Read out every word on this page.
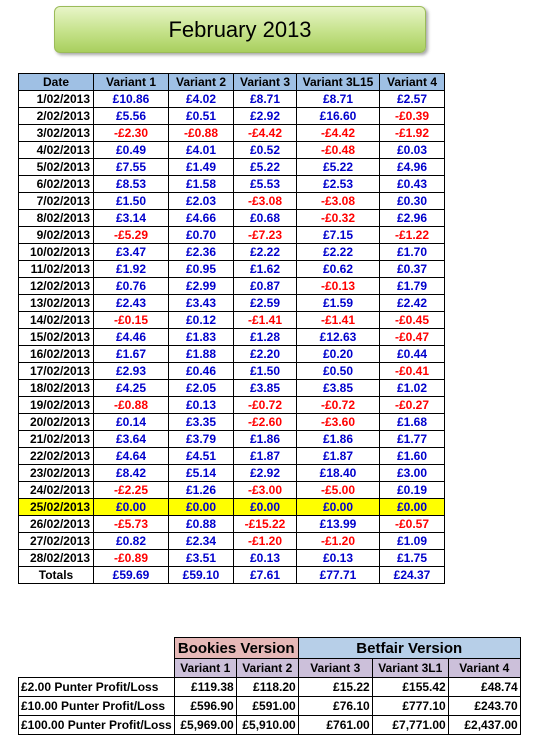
February 2013
Date	Variant 1	Variant 2	Variant 3	Variant 3L15	Variant 4
1/02/2013	£10.86	£4.02	£8.71	£8.71	£2.57
2/02/2013	£5.56	£0.51	£2.92	£16.60	-£0.39
3/02/2013	-£2.30	-£0.88	-£4.42	-£4.42	-£1.92
4/02/2013	£0.49	£4.01	£0.52	-£0.48	£0.03
5/02/2013	£7.55	£1.49	£5.22	£5.22	£4.96
6/02/2013	£8.53	£1.58	£5.53	£2.53	£0.43
7/02/2013	£1.50	£2.03	-£3.08	-£3.08	£0.30
8/02/2013	£3.14	£4.66	£0.68	-£0.32	£2.96
9/02/2013	-£5.29	£0.70	-£7.23	£7.15	-£1.22
10/02/2013	£3.47	£2.36	£2.22	£2.22	£1.70
11/02/2013	£1.92	£0.95	£1.62	£0.62	£0.37
12/02/2013	£0.76	£2.99	£0.87	-£0.13	£1.79
13/02/2013	£2.43	£3.43	£2.59	£1.59	£2.42
14/02/2013	-£0.15	£0.12	-£1.41	-£1.41	-£0.45
15/02/2013	£4.46	£1.83	£1.28	£12.63	-£0.47
16/02/2013	£1.67	£1.88	£2.20	£0.20	£0.44
17/02/2013	£2.93	£0.46	£1.50	£0.50	-£0.41
18/02/2013	£4.25	£2.05	£3.85	£3.85	£1.02
19/02/2013	-£0.88	£0.13	-£0.72	-£0.72	-£0.27
20/02/2013	£0.14	£3.35	-£2.60	-£3.60	£1.68
21/02/2013	£3.64	£3.79	£1.86	£1.86	£1.77
22/02/2013	£4.64	£4.51	£1.87	£1.87	£1.60
23/02/2013	£8.42	£5.14	£2.92	£18.40	£3.00
24/02/2013	-£2.25	£1.26	-£3.00	-£5.00	£0.19
25/02/2013	£0.00	£0.00	£0.00	£0.00	£0.00
26/02/2013	-£5.73	£0.88	-£15.22	£13.99	-£0.57
27/02/2013	£0.82	£2.34	-£1.20	-£1.20	£1.09
28/02/2013	-£0.89	£3.51	£0.13	£0.13	£1.75
Totals	£59.69	£59.10	£7.61	£77.71	£24.37
	Bookies Version		Betfair Version		
	Variant 1	Variant 2	Variant 3	Variant 3L1	Variant 4
£2.00 Punter Profit/Loss	£119.38	£118.20	£15.22	£155.42	£48.74
£10.00 Punter Profit/Loss	£596.90	£591.00	£76.10	£777.10	£243.70
£100.00 Punter Profit/Loss	£5,969.00	£5,910.00	£761.00	£7,771.00	£2,437.00
